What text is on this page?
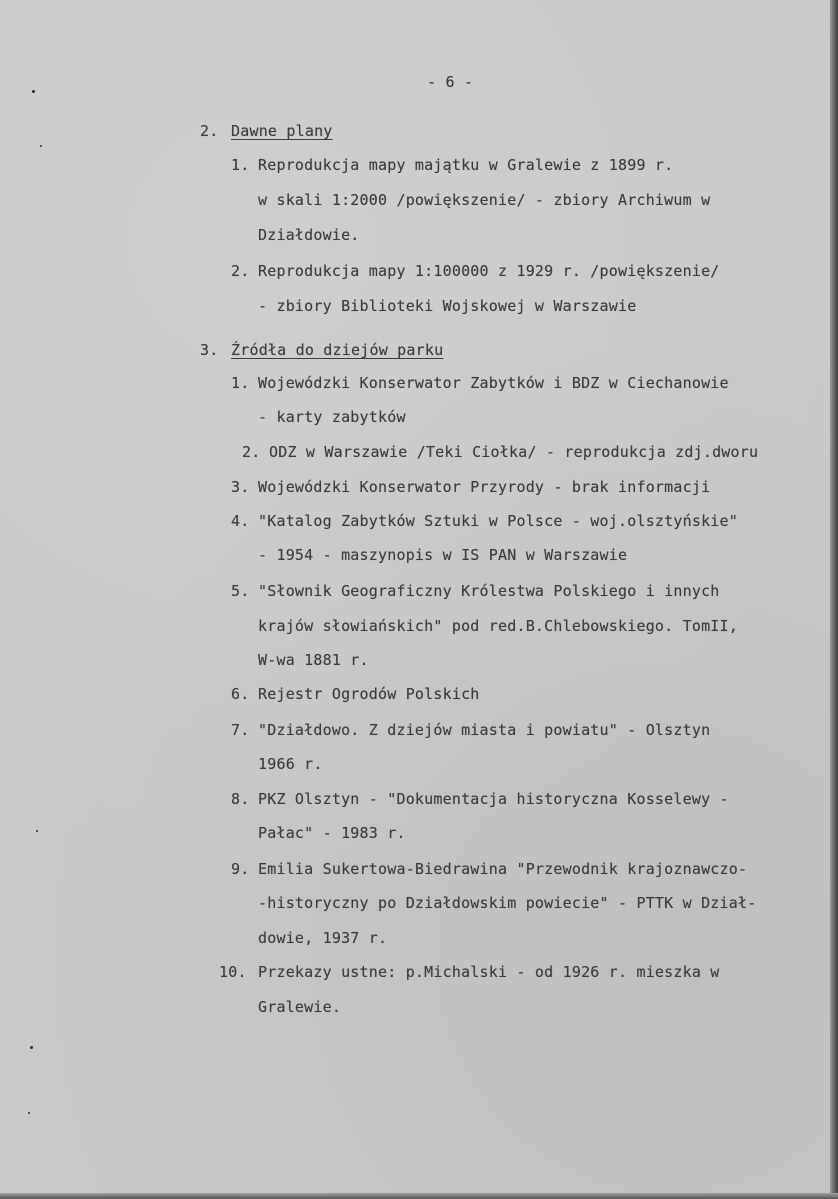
- 6 -
2. Dawne plany
1. Reprodukcja mapy majątku w Gralewie z 1899 r.
w skali 1:2000 /powiększenie/ - zbiory Archiwum w
Działdowie.
2. Reprodukcja mapy 1:100000 z 1929 r. /powiększenie/
- zbiory Biblioteki Wojskowej w Warszawie
3. Źródła do dziejów parku
1. Wojewódzki Konserwator Zabytków i BDZ w Ciechanowie
- karty zabytków
2. ODZ w Warszawie /Teki Ciołka/ - reprodukcja zdj.dworu
3. Wojewódzki Konserwator Przyrody - brak informacji
4. "Katalog Zabytków Sztuki w Polsce - woj.olsztyńskie"
- 1954 - maszynopis w IS PAN w Warszawie
5. "Słownik Geograficzny Królestwa Polskiego i innych
krajów słowiańskich" pod red.B.Chlebowskiego. TomII,
W-wa 1881 r.
6. Rejestr Ogrodów Polskich
7. "Działdowo. Z dziejów miasta i powiatu" - Olsztyn
1966 r.
8. PKZ Olsztyn - "Dokumentacja historyczna Kosselewy -
Pałac" - 1983 r.
9. Emilia Sukertowa-Biedrawina "Przewodnik krajoznawczo-
-historyczny po Działdowskim powiecie" - PTTK w Dział-
dowie, 1937 r.
10. Przekazy ustne: p.Michalski - od 1926 r. mieszka w
Gralewie.
